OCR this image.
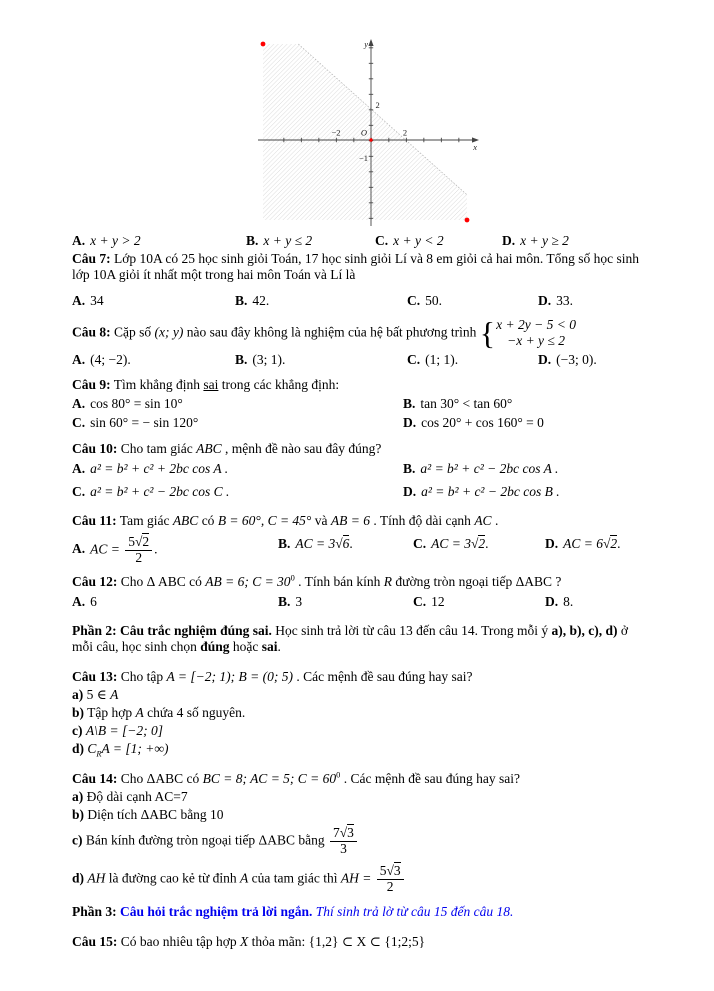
−2	2
O
2
−1
x
y
A. x + y > 2	B. x + y ≤ 2	C. x + y < 2	D. x + y ≥ 2

Câu 7: Lớp 10A có 25 học sinh giỏi Toán, 17 học sinh giỏi Lí và 8 em giỏi cả hai môn. Tổng số học sinh lớp 10A giỏi ít nhất một trong hai môn Toán và Lí là

A. 34	B. 42.	C. 50.	D. 33.

Câu 8: Cặp số (x; y) nào sau đây không là nghiệm của hệ bất phương trình { x + 2y − 5 < 0
−x + y ≤ 2

A. (4; −2).	B. (3; 1).	C. (1; 1).	D. (−3; 0).

Câu 9: Tìm khẳng định sai trong các khẳng định:

A. cos 80° = sin 10°	B. tan 30° < tan 60°
C. sin 60° = − sin 120°	D. cos 20° + cos 160° = 0

Câu 10: Cho tam giác ABC , mệnh đề nào sau đây đúng?

A. a² = b² + c² + 2bc cos A .	B. a² = b² + c² − 2bc cos A .
C. a² = b² + c² − 2bc cos C .	D. a² = b² + c² − 2bc cos B .

Câu 11: Tam giác ABC có B = 60°, C = 45° và AB = 6 . Tính độ dài cạnh AC .

A. AC = $\frac{5√2}{2}$ .	B. AC = 3√6.	C. AC = 3√2.	D. AC = 6√2.

Câu 12: Cho Δ ABC có AB = 6; $C = 30^0$ . Tính bán kính R đường tròn ngoại tiếp ΔABC ?

A. 6	B. 3	C. 12	D. 8.

Phần 2: Câu trắc nghiệm đúng sai. Học sinh trả lời từ câu 13 đến câu 14. Trong mỗi ý a), b), c), d) ở mỗi câu, học sinh chọn đúng hoặc sai.

Câu 13: Cho tập A = [−2; 1); B = (0; 5) . Các mệnh đề sau đúng hay sai?

a) 5 ∈ A

b) Tập hợp A chứa 4 số nguyên.

c) A\B = [−2; 0]

d) $C_RA = [1$; +∞)

Câu 14: Cho ΔABC có BC = 8; AC = 5; $C = 60^0$ . Các mệnh đề sau đúng hay sai?

a) Độ dài cạnh AC=7

b) Diện tích ΔABC bằng 10

c) Bán kính đường tròn ngoại tiếp ΔABC bằng $\frac{7√3}{3}$

d) AH là đường cao kẻ từ đỉnh A của tam giác thì AH = $\frac{5√3}{2}$

Phần 3: Câu hỏi trắc nghiệm trả lời ngắn. Thí sinh trả lờ từ câu 15 đến câu 18.

Câu 15: Có bao nhiêu tập hợp X thỏa mãn: {1,2} ⊂ X ⊂ {1;2;5}
